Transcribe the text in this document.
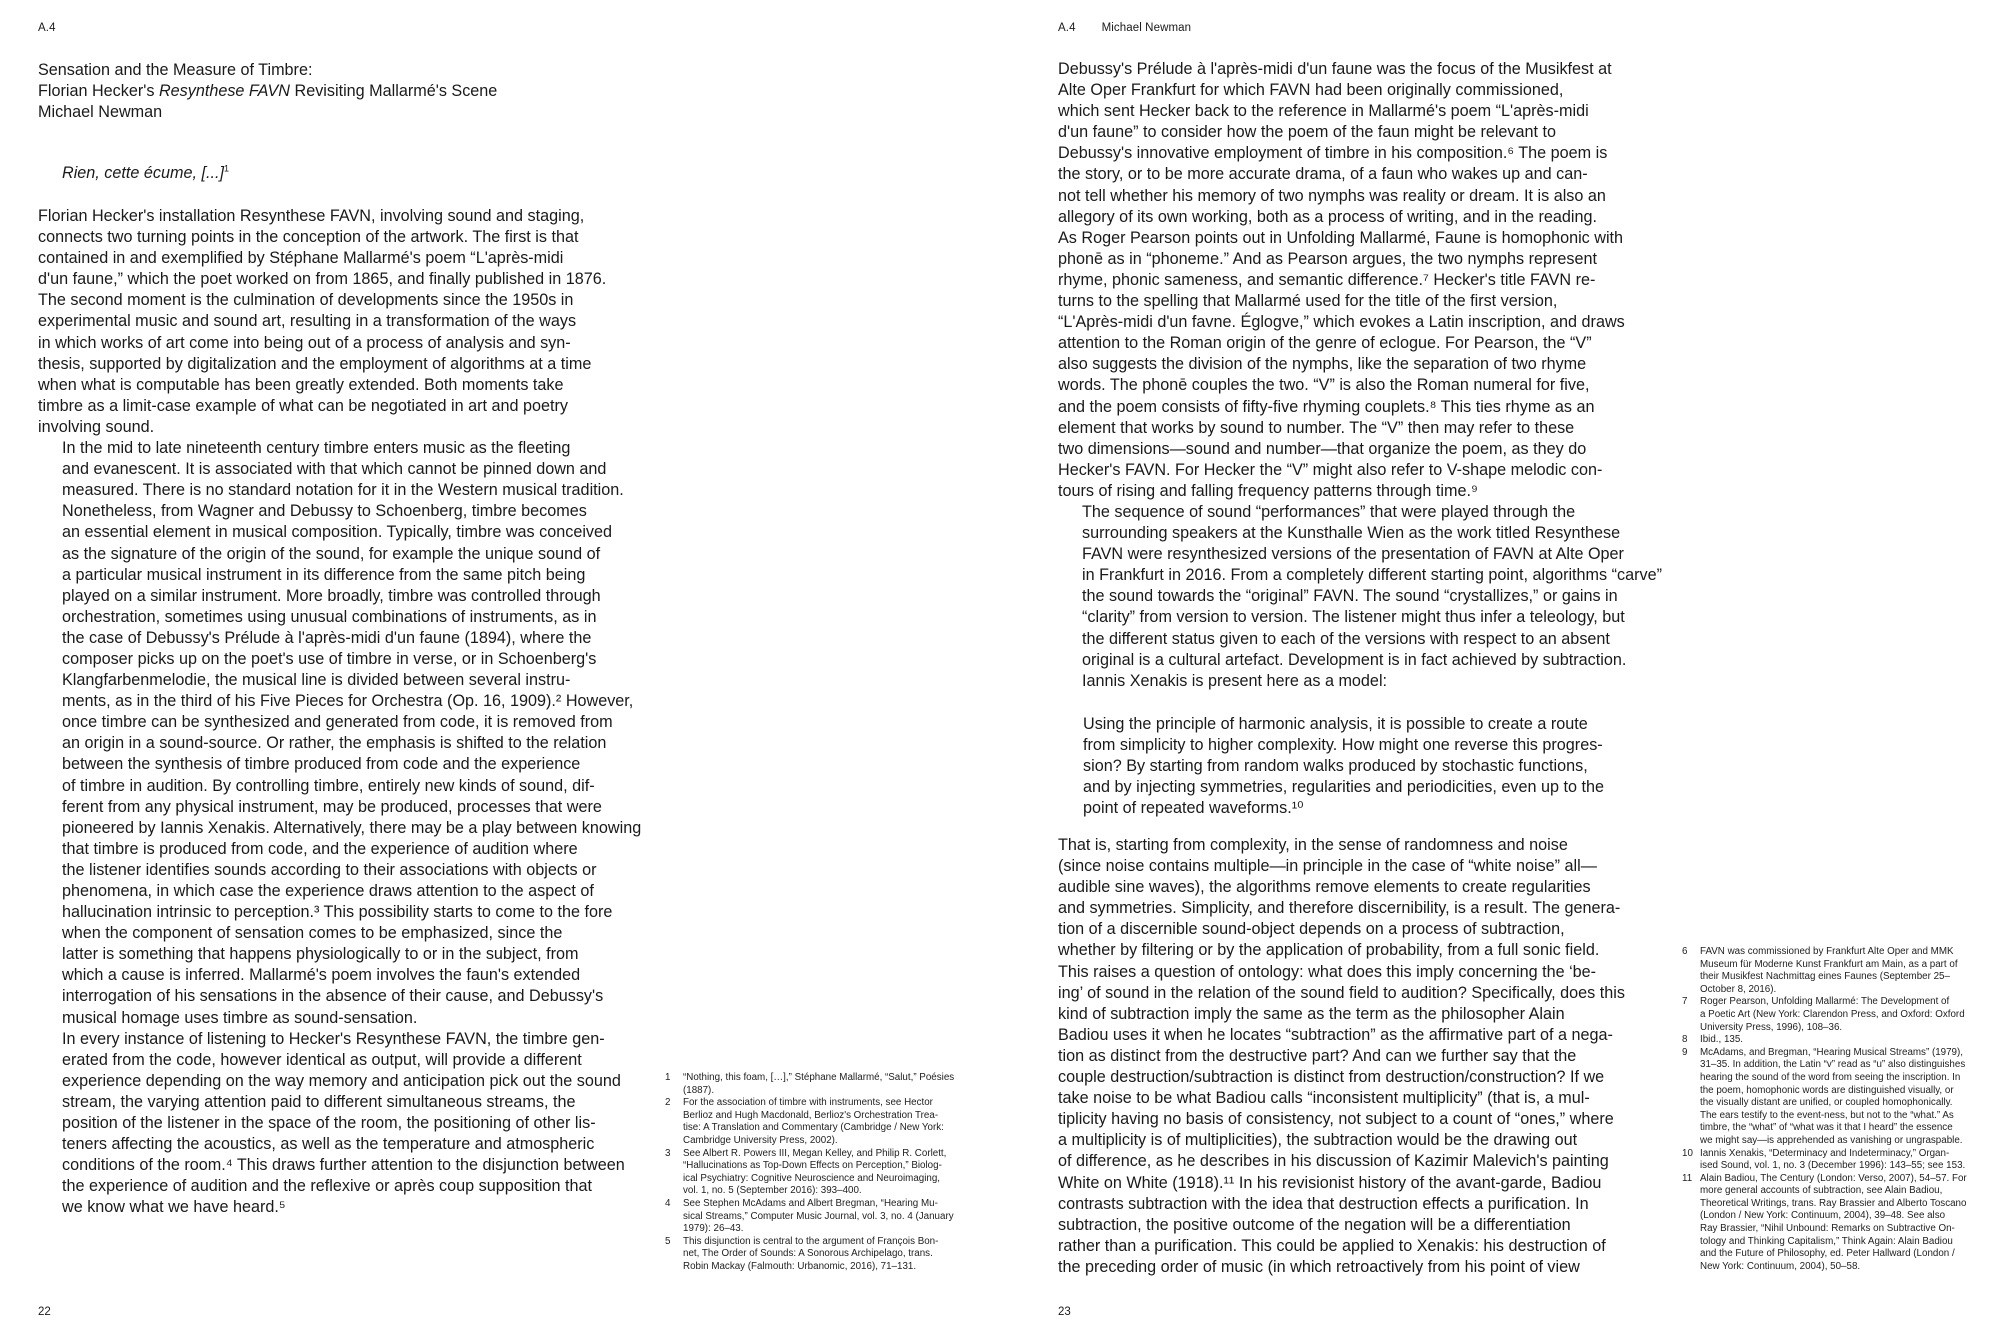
A.4
Sensation and the Measure of Timbre:
Florian Hecker's Resynthese FAVN Revisiting Mallarmé's Scene
Michael Newman
Rien, cette écume, [...]$^1$

Florian Hecker's installation Resynthese FAVN, involving sound and staging,
connects two turning points in the conception of the artwork. The first is that
contained in and exemplified by Stéphane Mallarmé's poem “L'après-midi
d'un faune,” which the poet worked on from 1865, and finally published in 1876.
The second moment is the culmination of developments since the 1950s in
experimental music and sound art, resulting in a transformation of the ways
in which works of art come into being out of a process of analysis and syn-
thesis, supported by digitalization and the employment of algorithms at a time
when what is computable has been greatly extended. Both moments take
timbre as a limit-case example of what can be negotiated in art and poetry
involving sound.

In the mid to late nineteenth century timbre enters music as the fleeting
and evanescent. It is associated with that which cannot be pinned down and
measured. There is no standard notation for it in the Western musical tradition.
Nonetheless, from Wagner and Debussy to Schoenberg, timbre becomes
an essential element in musical composition. Typically, timbre was conceived
as the signature of the origin of the sound, for example the unique sound of
a particular musical instrument in its difference from the same pitch being
played on a similar instrument. More broadly, timbre was controlled through
orchestration, sometimes using unusual combinations of instruments, as in
the case of Debussy's Prélude à l'après-midi d'un faune (1894), where the
composer picks up on the poet's use of timbre in verse, or in Schoenberg's
Klangfarbenmelodie, the musical line is divided between several instru-
ments, as in the third of his Five Pieces for Orchestra (Op. 16, 1909).² However,
once timbre can be synthesized and generated from code, it is removed from
an origin in a sound-source. Or rather, the emphasis is shifted to the relation
between the synthesis of timbre produced from code and the experience
of timbre in audition. By controlling timbre, entirely new kinds of sound, dif-
ferent from any physical instrument, may be produced, processes that were
pioneered by Iannis Xenakis. Alternatively, there may be a play between knowing
that timbre is produced from code, and the experience of audition where
the listener identifies sounds according to their associations with objects or
phenomena, in which case the experience draws attention to the aspect of
hallucination intrinsic to perception.³ This possibility starts to come to the fore
when the component of sensation comes to be emphasized, since the
latter is something that happens physiologically to or in the subject, from
which a cause is inferred. Mallarmé's poem involves the faun's extended
interrogation of his sensations in the absence of their cause, and Debussy's
musical homage uses timbre as sound-sensation.

In every instance of listening to Hecker's Resynthese FAVN, the timbre gen-
erated from the code, however identical as output, will provide a different
experience depending on the way memory and anticipation pick out the sound
stream, the varying attention paid to different simultaneous streams, the
position of the listener in the space of the room, the positioning of other lis-
teners affecting the acoustics, as well as the temperature and atmospheric
conditions of the room.⁴ This draws further attention to the disjunction between
the experience of audition and the reflexive or après coup supposition that
we know what we have heard.⁵

1	“Nothing, this foam, […],” Stéphane Mallarmé, “Salut,” Poésies
(1887).
2	For the association of timbre with instruments, see Hector
Berlioz and Hugh Macdonald, Berlioz's Orchestration Trea-
tise: A Translation and Commentary (Cambridge / New York:
Cambridge University Press, 2002).
3	See Albert R. Powers III, Megan Kelley, and Philip R. Corlett,
“Hallucinations as Top-Down Effects on Perception,” Biolog-
ical Psychiatry: Cognitive Neuroscience and Neuroimaging,
vol. 1, no. 5 (September 2016): 393–400.
4	See Stephen McAdams and Albert Bregman, “Hearing Mu-
sical Streams,” Computer Music Journal, vol. 3, no. 4 (January
1979): 26–43.
5	This disjunction is central to the argument of François Bon-
net, The Order of Sounds: A Sonorous Archipelago, trans.
Robin Mackay (Falmouth: Urbanomic, 2016), 71–131.
22
A.4 Michael Newman

Debussy's Prélude à l'après-midi d'un faune was the focus of the Musikfest at
Alte Oper Frankfurt for which FAVN had been originally commissioned,
which sent Hecker back to the reference in Mallarmé's poem “L'après-midi
d'un faune” to consider how the poem of the faun might be relevant to
Debussy's innovative employment of timbre in his composition.⁶ The poem is
the story, or to be more accurate drama, of a faun who wakes up and can-
not tell whether his memory of two nymphs was reality or dream. It is also an
allegory of its own working, both as a process of writing, and in the reading.
As Roger Pearson points out in Unfolding Mallarmé, Faune is homophonic with
phonē as in “phoneme.” And as Pearson argues, the two nymphs represent
rhyme, phonic sameness, and semantic difference.⁷ Hecker's title FAVN re-
turns to the spelling that Mallarmé used for the title of the first version,
“L'Après-midi d'un favne. Églogve,” which evokes a Latin inscription, and draws
attention to the Roman origin of the genre of eclogue. For Pearson, the “V”
also suggests the division of the nymphs, like the separation of two rhyme
words. The phonē couples the two. “V” is also the Roman numeral for five,
and the poem consists of fifty-five rhyming couplets.⁸ This ties rhyme as an
element that works by sound to number. The “V” then may refer to these
two dimensions—sound and number—that organize the poem, as they do
Hecker's FAVN. For Hecker the “V” might also refer to V-shape melodic con-
tours of rising and falling frequency patterns through time.⁹

The sequence of sound “performances” that were played through the
surrounding speakers at the Kunsthalle Wien as the work titled Resynthese
FAVN were resynthesized versions of the presentation of FAVN at Alte Oper
in Frankfurt in 2016. From a completely different starting point, algorithms “carve”
the sound towards the “original” FAVN. The sound “crystallizes,” or gains in
“clarity” from version to version. The listener might thus infer a teleology, but
the different status given to each of the versions with respect to an absent
original is a cultural artefact. Development is in fact achieved by subtraction.
Iannis Xenakis is present here as a model:

Using the principle of harmonic analysis, it is possible to create a route
from simplicity to higher complexity. How might one reverse this progres-
sion? By starting from random walks produced by stochastic functions,
and by injecting symmetries, regularities and periodicities, even up to the
point of repeated waveforms.¹⁰

That is, starting from complexity, in the sense of randomness and noise
(since noise contains multiple—in principle in the case of “white noise” all—
audible sine waves), the algorithms remove elements to create regularities
and symmetries. Simplicity, and therefore discernibility, is a result. The genera-
tion of a discernible sound-object depends on a process of subtraction,
whether by filtering or by the application of probability, from a full sonic field.
This raises a question of ontology: what does this imply concerning the ‘be-
ing’ of sound in the relation of the sound field to audition? Specifically, does this
kind of subtraction imply the same as the term as the philosopher Alain
Badiou uses it when he locates “subtraction” as the affirmative part of a nega-
tion as distinct from the destructive part? And can we further say that the
couple destruction/subtraction is distinct from destruction/construction? If we
take noise to be what Badiou calls “inconsistent multiplicity” (that is, a mul-
tiplicity having no basis of consistency, not subject to a count of “ones,” where
a multiplicity is of multiplicities), the subtraction would be the drawing out
of difference, as he describes in his discussion of Kazimir Malevich's painting
White on White (1918).¹¹ In his revisionist history of the avant-garde, Badiou
contrasts subtraction with the idea that destruction effects a purification. In
subtraction, the positive outcome of the negation will be a differentiation
rather than a purification. This could be applied to Xenakis: his destruction of
the preceding order of music (in which retroactively from his point of view

6	FAVN was commissioned by Frankfurt Alte Oper and MMK
Museum für Moderne Kunst Frankfurt am Main, as a part of
their Musikfest Nachmittag eines Faunes (September 25–
October 8, 2016).
7	Roger Pearson, Unfolding Mallarmé: The Development of
a Poetic Art (New York: Clarendon Press, and Oxford: Oxford
University Press, 1996), 108–36.
8	Ibid., 135.
9	McAdams, and Bregman, “Hearing Musical Streams” (1979),
31–35. In addition, the Latin “v” read as “u” also distinguishes
hearing the sound of the word from seeing the inscription. In
the poem, homophonic words are distinguished visually, or
the visually distant are unified, or coupled homophonically.
The ears testify to the event-ness, but not to the “what.” As
timbre, the “what” of “what was it that I heard” the essence
we might say—is apprehended as vanishing or ungraspable.
10 Iannis Xenakis, “Determinacy and Indeterminacy,” Organ-
ised Sound, vol. 1, no. 3 (December 1996): 143–55; see 153.
11 Alain Badiou, The Century (London: Verso, 2007), 54–57. For
more general accounts of subtraction, see Alain Badiou,
Theoretical Writings, trans. Ray Brassier and Alberto Toscano
(London / New York: Continuum, 2004), 39–48. See also
Ray Brassier, “Nihil Unbound: Remarks on Subtractive On-
tology and Thinking Capitalism,” Think Again: Alain Badiou
and the Future of Philosophy, ed. Peter Hallward (London /
New York: Continuum, 2004), 50–58.
23
